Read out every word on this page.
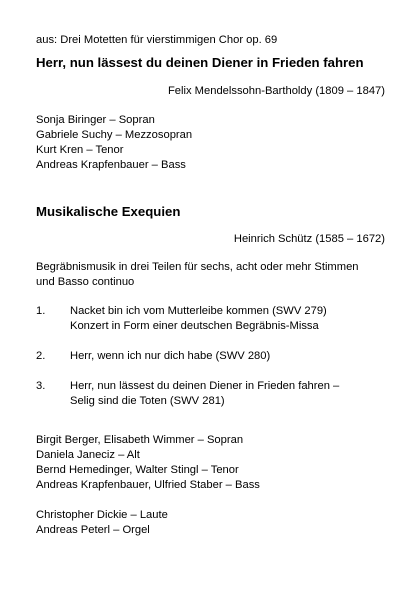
aus: Drei Motetten für vierstimmigen Chor op. 69
Herr, nun lässest du deinen Diener in Frieden fahren
Felix Mendelssohn-Bartholdy (1809 – 1847)
Sonja Biringer – Sopran
Gabriele Suchy – Mezzosopran
Kurt Kren – Tenor
Andreas Krapfenbauer – Bass
Musikalische Exequien
Heinrich Schütz (1585 – 1672)
Begräbnismusik in drei Teilen für sechs, acht oder mehr Stimmen
und Basso continuo
1.	Nacket bin ich vom Mutterleibe kommen (SWV 279)
Konzert in Form einer deutschen Begräbnis-Missa
2.	Herr, wenn ich nur dich habe (SWV 280)
3.	Herr, nun lässest du deinen Diener in Frieden fahren –
Selig sind die Toten (SWV 281)
Birgit Berger, Elisabeth Wimmer – Sopran
Daniela Janeciz – Alt
Bernd Hemedinger, Walter Stingl – Tenor
Andreas Krapfenbauer, Ulfried Staber – Bass
Christopher Dickie – Laute
Andreas Peterl – Orgel
